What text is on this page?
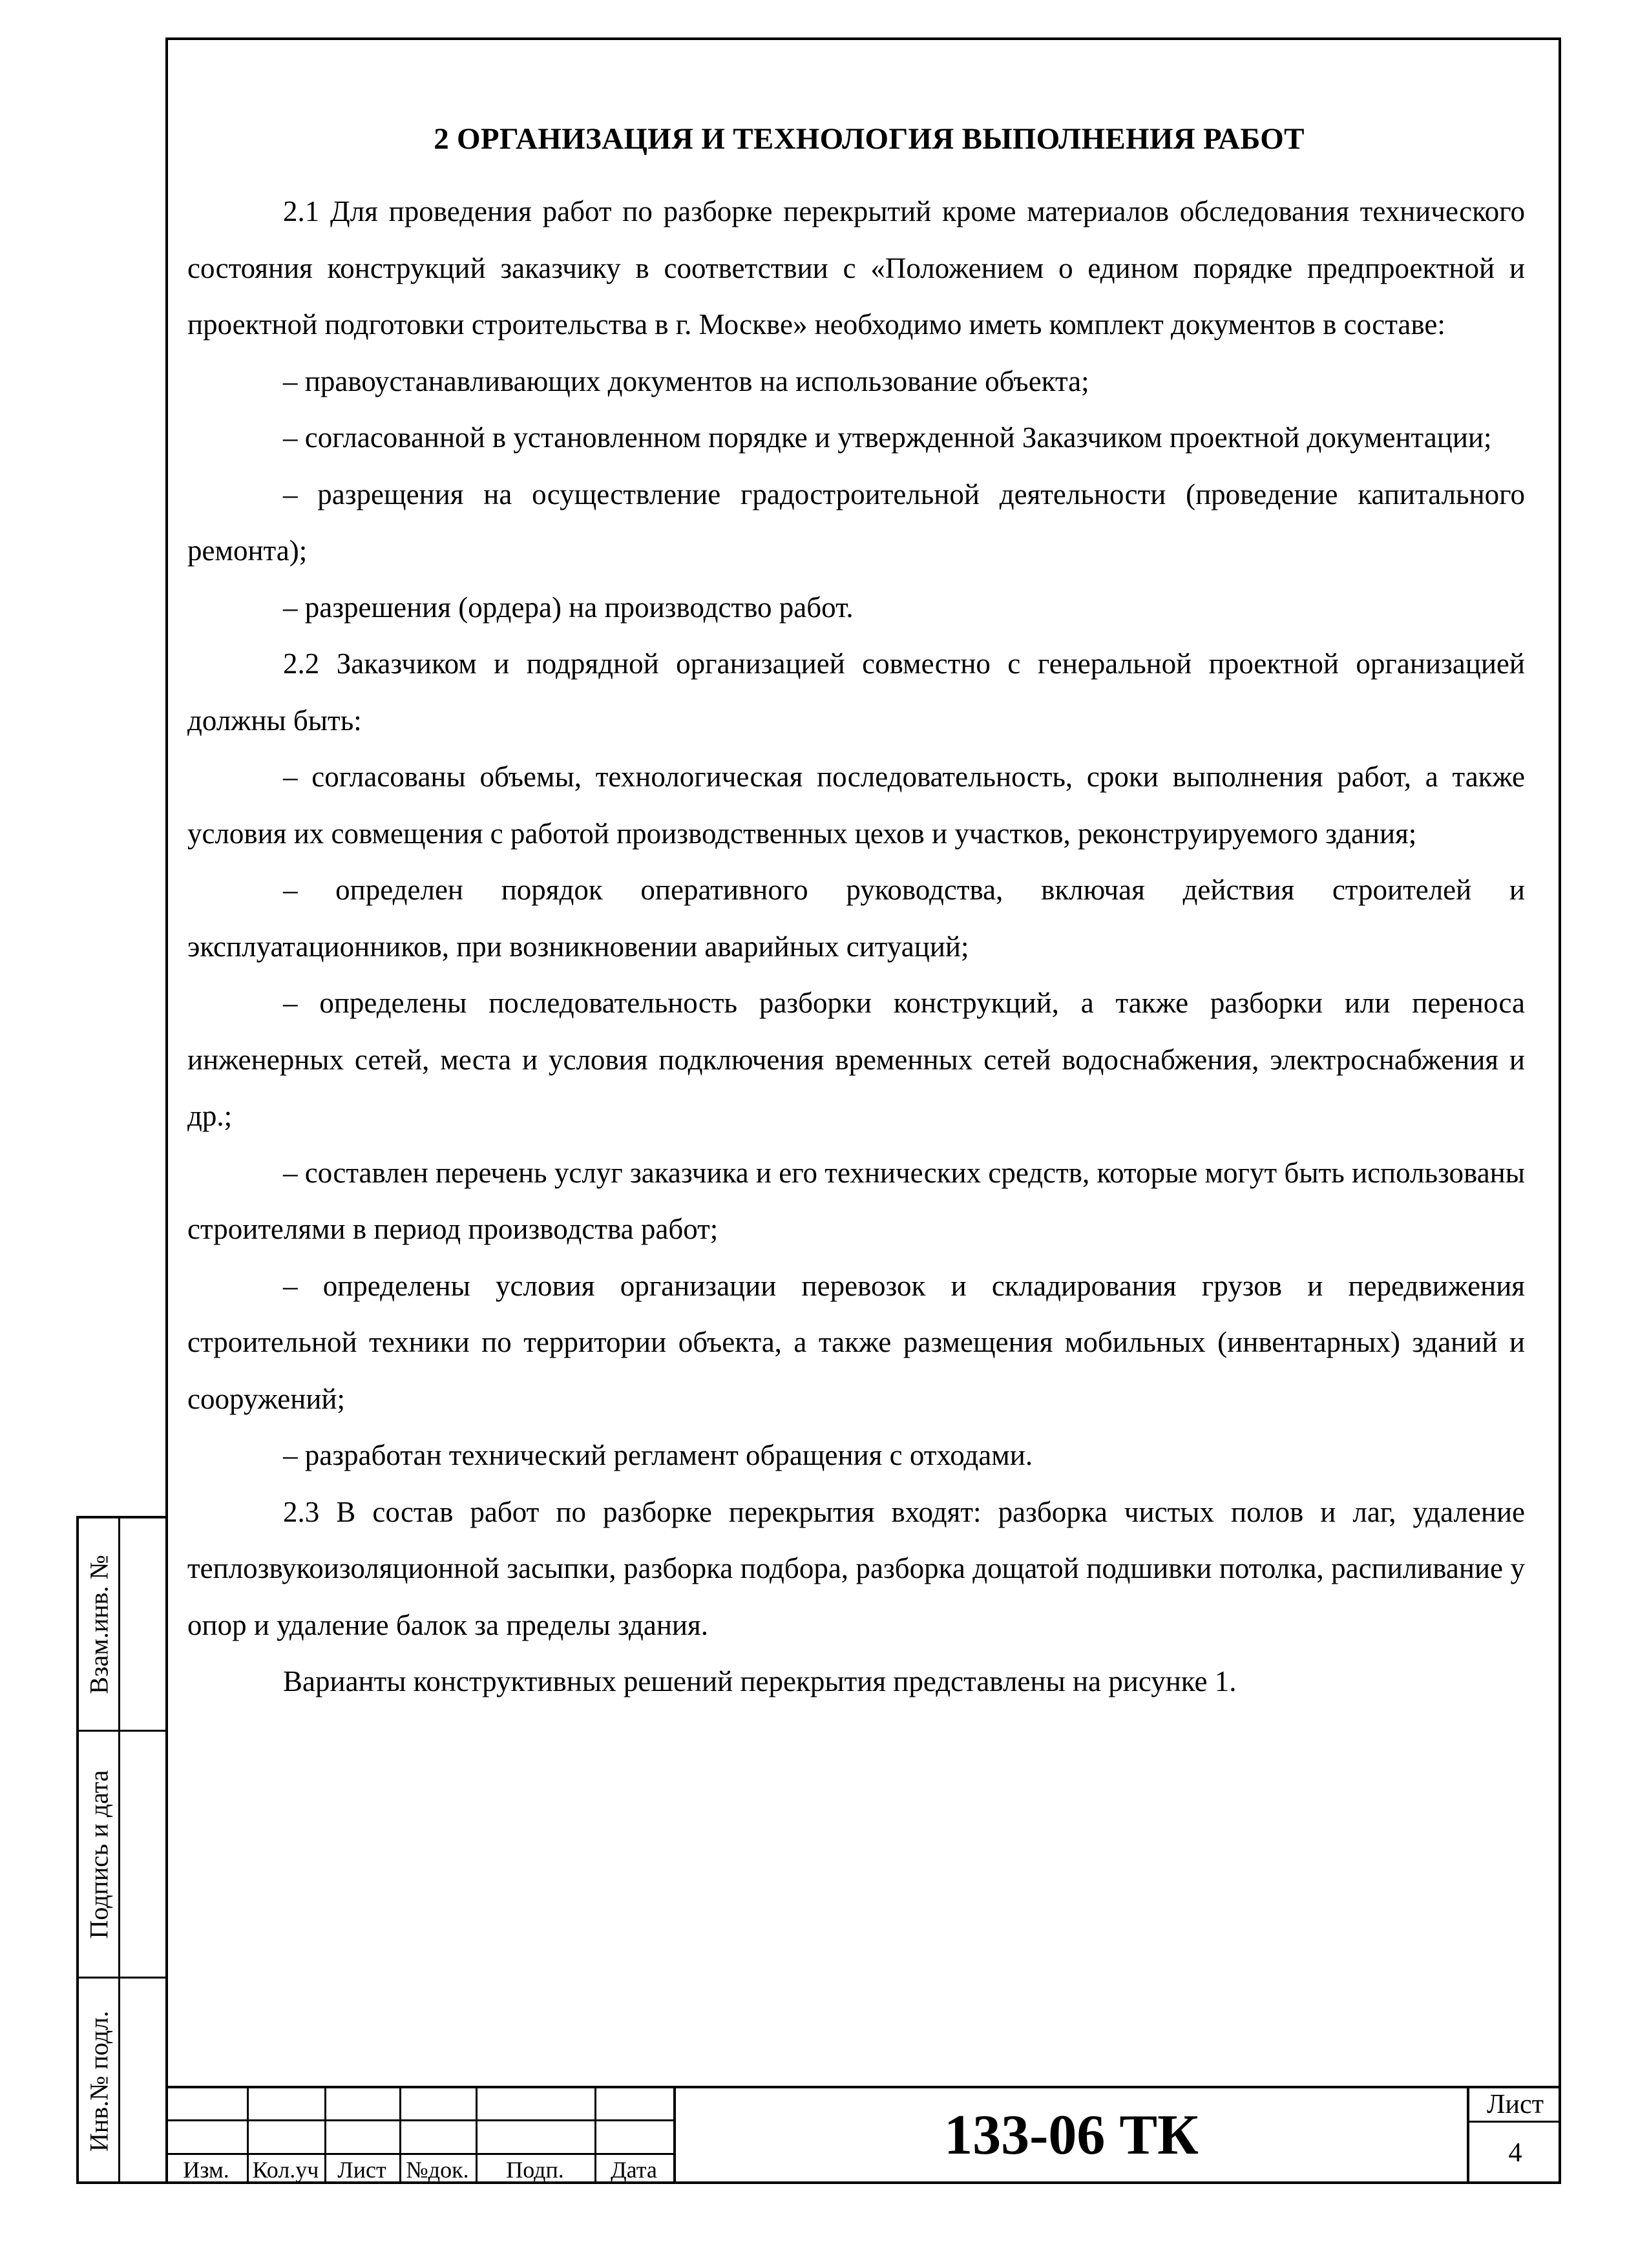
Взам.инв. №
Подпись и дата
Инв.№ подл.
2 ОРГАНИЗАЦИЯ И ТЕХНОЛОГИЯ ВЫПОЛНЕНИЯ РАБОТ

2.1 Для проведения работ по разборке перекрытий кроме материалов обследования технического состояния конструкций заказчику в соответствии с «Положением о едином порядке предпроектной и проектной подготовки строительства в г. Москве» необходимо иметь комплект документов в составе:

– правоустанавливающих документов на использование объекта;

– согласованной в установленном порядке и утвержденной Заказчиком проектной документации;

– разрещения на осуществление градостроительной деятельности (проведение капитального ремонта);

– разрешения (ордера) на производство работ.

2.2 Заказчиком и подрядной организацией совместно с генеральной проектной организацией должны быть:

– согласованы объемы, технологическая последовательность, сроки выполнения работ, а также условия их совмещения с работой производственных цехов и участков, реконструируемого здания;

– определен порядок оперативного руководства, включая действия строителей и эксплуатационников, при возникновении аварийных ситуаций;

– определены последовательность разборки конструкций, а также разборки или переноса инженерных сетей, места и условия подключения временных сетей водоснабжения, электроснабжения и др.;

– составлен перечень услуг заказчика и его технических средств, которые могут быть использованы строителями в период производства работ;

– определены условия организации перевозок и складирования грузов и передвижения строительной техники по территории объекта, а также размещения мобильных (инвентарных) зданий и сооружений;

– разработан технический регламент обращения с отходами.

2.3 В состав работ по разборке перекрытия входят: разборка чистых полов и лаг, удаление теплозвукоизоляционной засыпки, разборка подбора, разборка дощатой подшивки потолка, распиливание у опор и удаление балок за пределы здания.

Варианты конструктивных решений перекрытия представлены на рисунке 1.

Изм. Кол.уч Лист №док.	Подп.	Дата
133-06 ТК	Лист
4
